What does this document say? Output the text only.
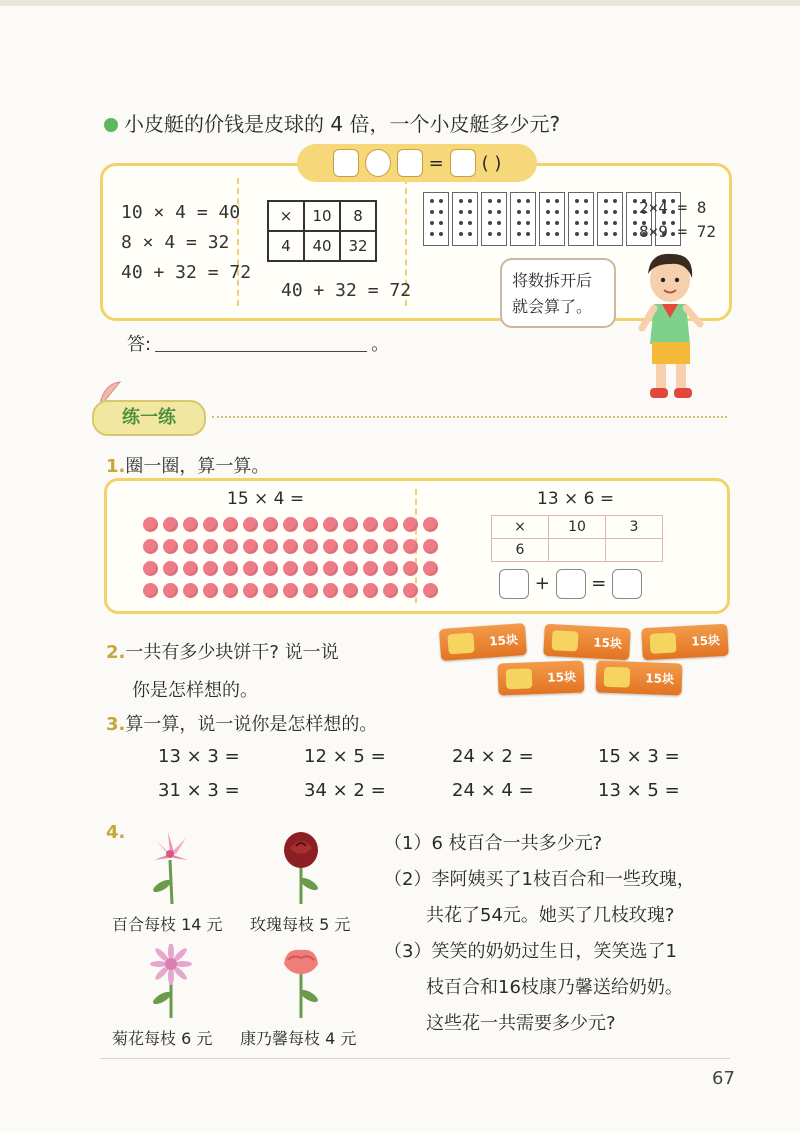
小皮艇的价钱是皮球的 4 倍，一个小皮艇多少元?
10 × 4 = 40
8 × 4 = 32
40 + 32 = 72
×	10	8
4	40	32
40 + 32 = 72
2×4 = 8
8×9 = 72
= ( )
将数拆开后
就会算了。
答:	。
练一练
1.圈一圈，算一算。
15 × 4 =	13 × 6 =
×	10	3
6		
+ =
2.一共有多少块饼干? 说一说
你是怎样想的。
15块	15块	15块
15块	15块
3.算一算，说一说你是怎样想的。
13 × 3 =	12 × 5 =	24 × 2 =	15 × 3 =
31 × 3 =	34 × 2 =	24 × 4 =	13 × 5 =
4.
百合每枝 14 元 玫瑰每枝 5 元
菊花每枝 6 元 康乃馨每枝 4 元
（1）6 枝百合一共多少元?
（2）李阿姨买了1枝百合和一些玫瑰，
共花了54元。她买了几枝玫瑰?
（3）笑笑的奶奶过生日，笑笑选了1
枝百合和16枝康乃馨送给奶奶。
这些花一共需要多少元?
67
